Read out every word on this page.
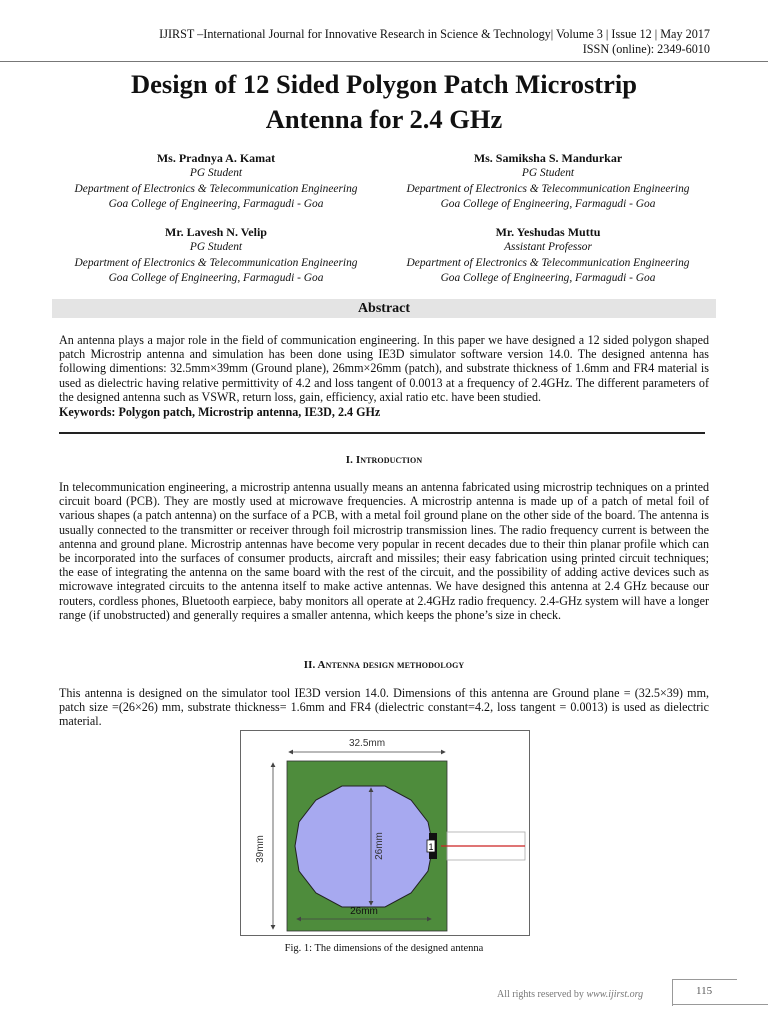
IJIRST –International Journal for Innovative Research in Science & Technology| Volume 3 | Issue 12 | May 2017
ISSN (online): 2349-6010
Design of 12 Sided Polygon Patch Microstrip
Antenna for 2.4 GHz
Ms. Pradnya A. Kamat
PG Student
Department of Electronics & Telecommunication Engineering
Goa College of Engineering, Farmagudi - Goa
Ms. Samiksha S. Mandurkar
PG Student
Department of Electronics & Telecommunication Engineering
Goa College of Engineering, Farmagudi - Goa
Mr. Lavesh N. Velip
PG Student
Department of Electronics & Telecommunication Engineering
Goa College of Engineering, Farmagudi - Goa
Mr. Yeshudas Muttu
Assistant Professor
Department of Electronics & Telecommunication Engineering
Goa College of Engineering, Farmagudi - Goa
Abstract
An antenna plays a major role in the field of communication engineering. In this paper we have designed a 12 sided polygon shaped patch Microstrip antenna and simulation has been done using IE3D simulator software version 14.0. The designed antenna has following dimentions: 32.5mm×39mm (Ground plane), 26mm×26mm (patch), and substrate thickness of 1.6mm and FR4 material is used as dielectric having relative permittivity of 4.2 and loss tangent of 0.0013 at a frequency of 2.4GHz. The different parameters of the designed antenna such as VSWR, return loss, gain, efficiency, axial ratio etc. have been studied.
Keywords: Polygon patch, Microstrip antenna, IE3D, 2.4 GHz
I. Introduction
In telecommunication engineering, a microstrip antenna usually means an antenna fabricated using microstrip techniques on a printed circuit board (PCB). They are mostly used at microwave frequencies. A microstrip antenna is made up of a patch of metal foil of various shapes (a patch antenna) on the surface of a PCB, with a metal foil ground plane on the other side of the board. The antenna is usually connected to the transmitter or receiver through foil microstrip transmission lines. The radio frequency current is between the antenna and ground plane. Microstrip antennas have become very popular in recent decades due to their thin planar profile which can be incorporated into the surfaces of consumer products, aircraft and missiles; their easy fabrication using printed circuit techniques; the ease of integrating the antenna on the same board with the rest of the circuit, and the possibility of adding active devices such as microwave integrated circuits to the antenna itself to make active antennas. We have designed this antenna at 2.4 GHz because our routers, cordless phones, Bluetooth earpiece, baby monitors all operate at 2.4GHz radio frequency. 2.4-GHz system will have a longer range (if unobstructed) and generally requires a smaller antenna, which keeps the phone’s size in check.
II. Antenna design methodology
This antenna is designed on the simulator tool IE3D version 14.0. Dimensions of this antenna are Ground plane = (32.5×39) mm, patch size =(26×26) mm, substrate thickness= 1.6mm and FR4 (dielectric constant=4.2, loss tangent = 0.0013) is used as dielectric material.
1
32.5mm
39mm	26mm
26mm
Fig. 1: The dimensions of the designed antenna
All rights reserved by www.ijirst.org	115
